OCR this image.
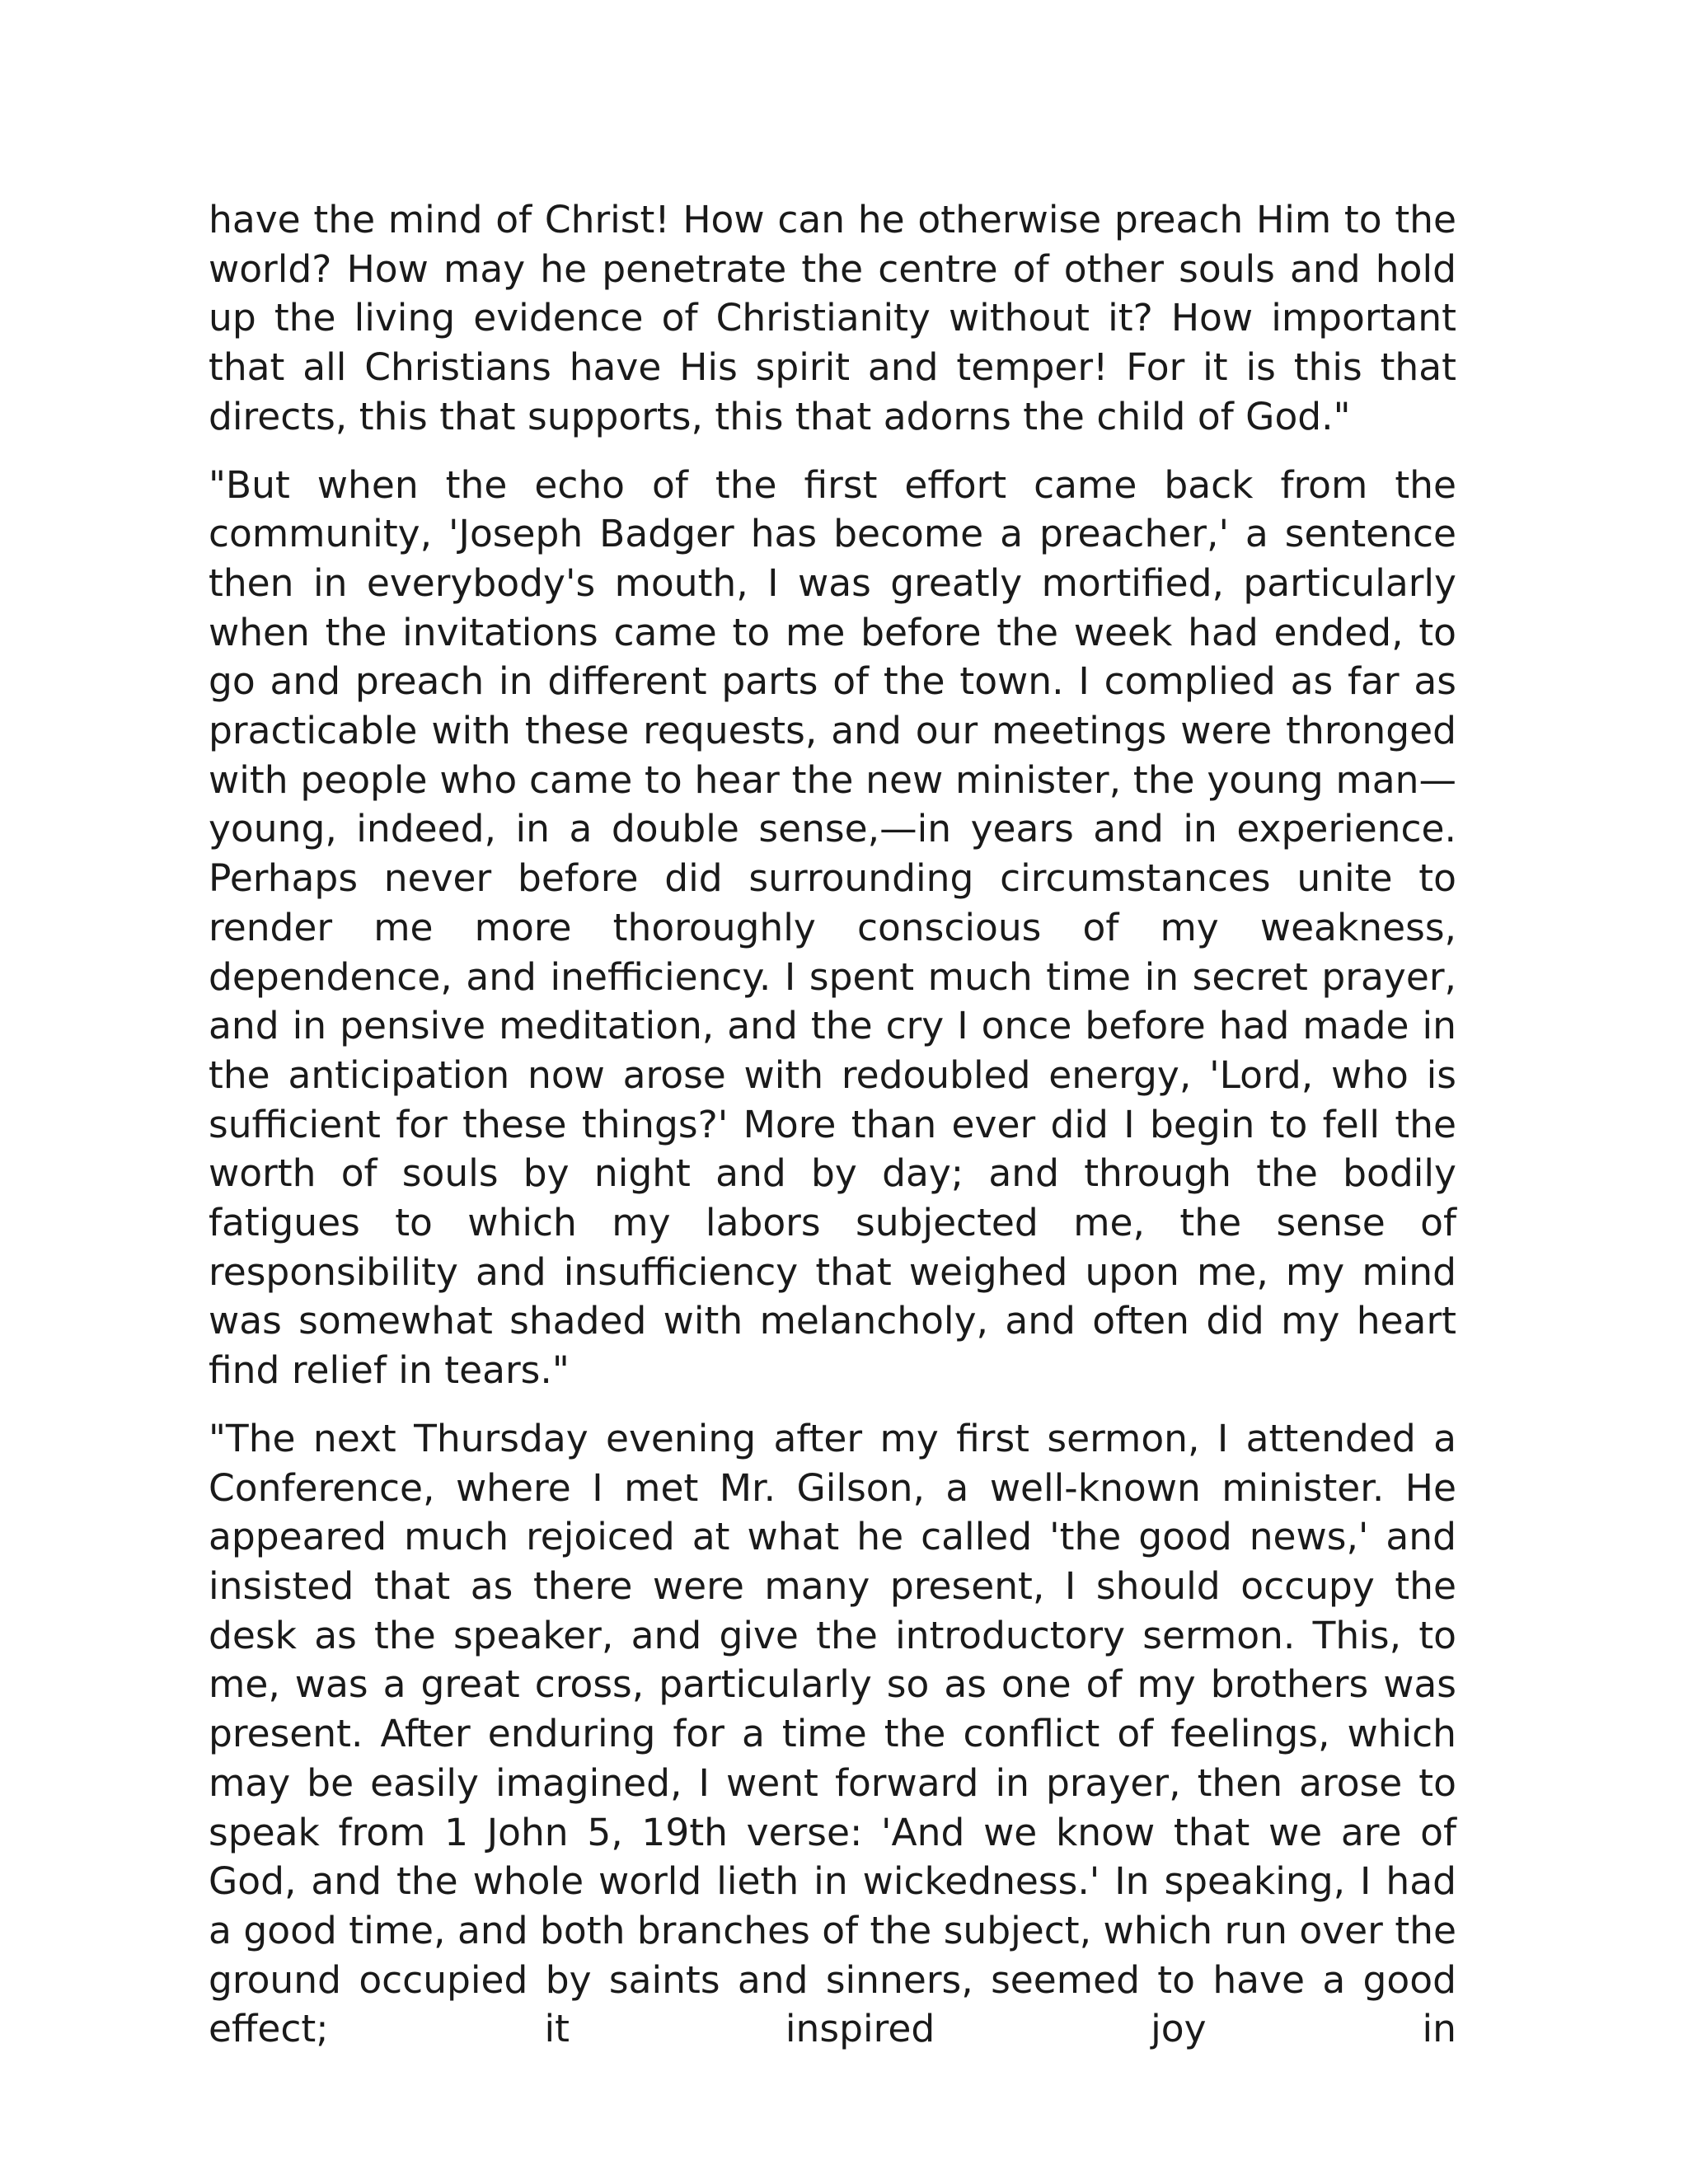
have the mind of Christ! How can he otherwise preach Him to the world? How may he penetrate the centre of other souls and hold up the living evidence of Christianity without it? How important that all Christians have His spirit and temper! For it is this that directs, this that supports, this that adorns the child of God."

"But when the echo of the first effort came back from the community, 'Joseph Badger has become a preacher,' a sentence then in everybody's mouth, I was greatly mortified, particularly when the invitations came to me before the week had ended, to go and preach in different parts of the town. I complied as far as practicable with these requests, and our meetings were thronged with people who came to hear the new minister, the young man—young, indeed, in a double sense,—in years and in experience. Perhaps never before did surrounding circumstances unite to render me more thoroughly conscious of my weakness, dependence, and inefficiency. I spent much time in secret prayer, and in pensive meditation, and the cry I once before had made in the anticipation now arose with redoubled energy, 'Lord, who is sufficient for these things?' More than ever did I begin to fell the worth of souls by night and by day; and through the bodily fatigues to which my labors subjected me, the sense of responsibility and insufficiency that weighed upon me, my mind was somewhat shaded with melancholy, and often did my heart find relief in tears."

"The next Thursday evening after my first sermon, I attended a Conference, where I met Mr. Gilson, a well-known minister. He appeared much rejoiced at what he called 'the good news,' and insisted that as there were many present, I should occupy the desk as the speaker, and give the introductory sermon. This, to me, was a great cross, particularly so as one of my brothers was present. After enduring for a time the conflict of feelings, which may be easily imagined, I went forward in prayer, then arose to speak from 1 John 5, 19th verse: 'And we know that we are of God, and the whole world lieth in wickedness.' In speaking, I had a good time, and both branches of the subject, which run over the ground occupied by saints and sinners, seemed to have a good effect; it inspired joy in
